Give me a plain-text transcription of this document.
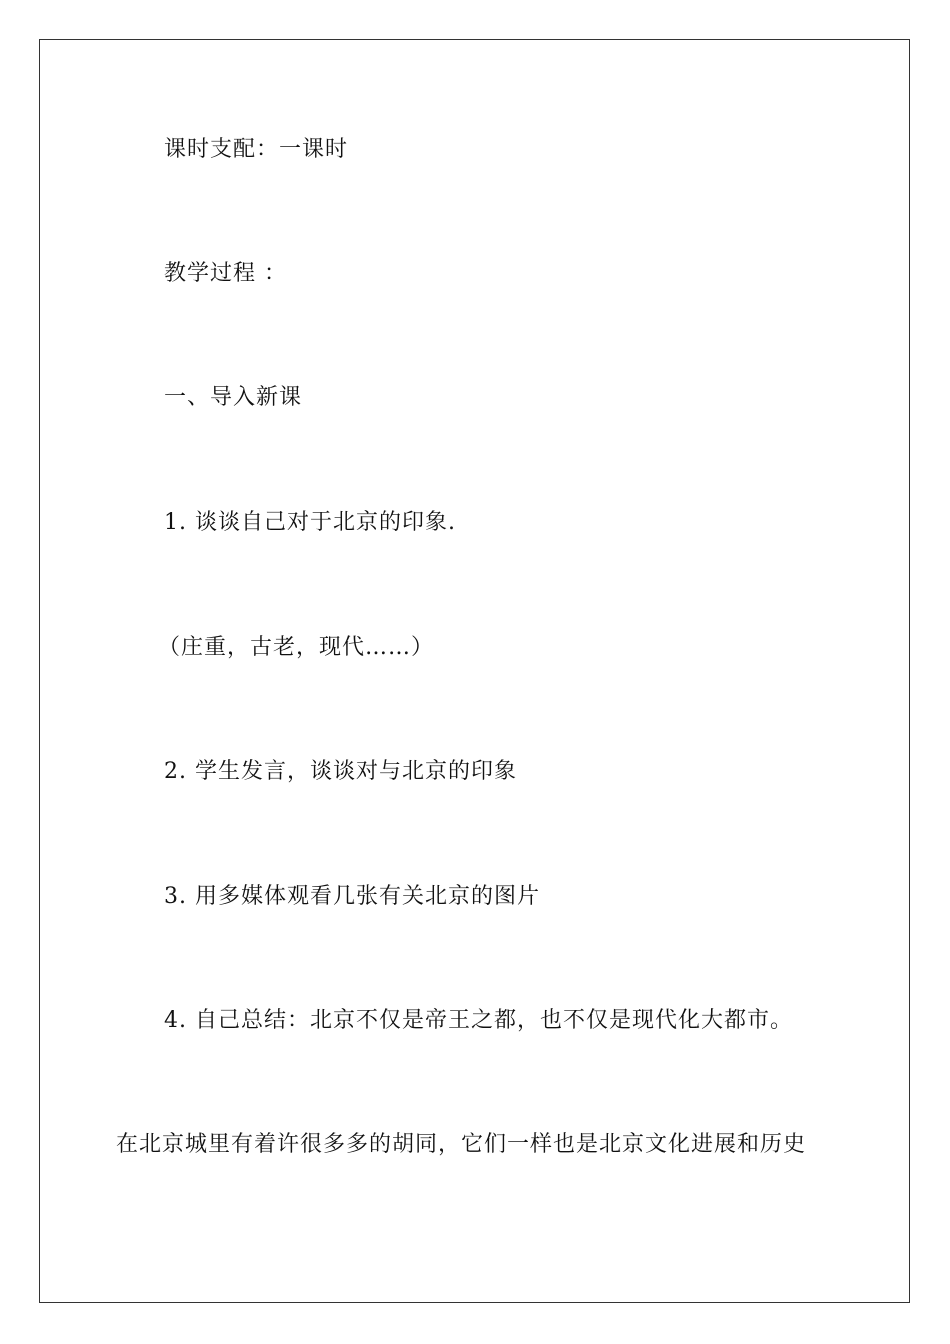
课时支配：一课时
教学过程 ：
一、导入新课
1. 谈谈自己对于北京的印象.
（庄重，古老，现代……）
2. 学生发言，谈谈对与北京的印象
3. 用多媒体观看几张有关北京的图片
4. 自己总结：北京不仅是帝王之都，也不仅是现代化大都市。
在北京城里有着许很多多的胡同，它们一样也是北京文化进展和历史
